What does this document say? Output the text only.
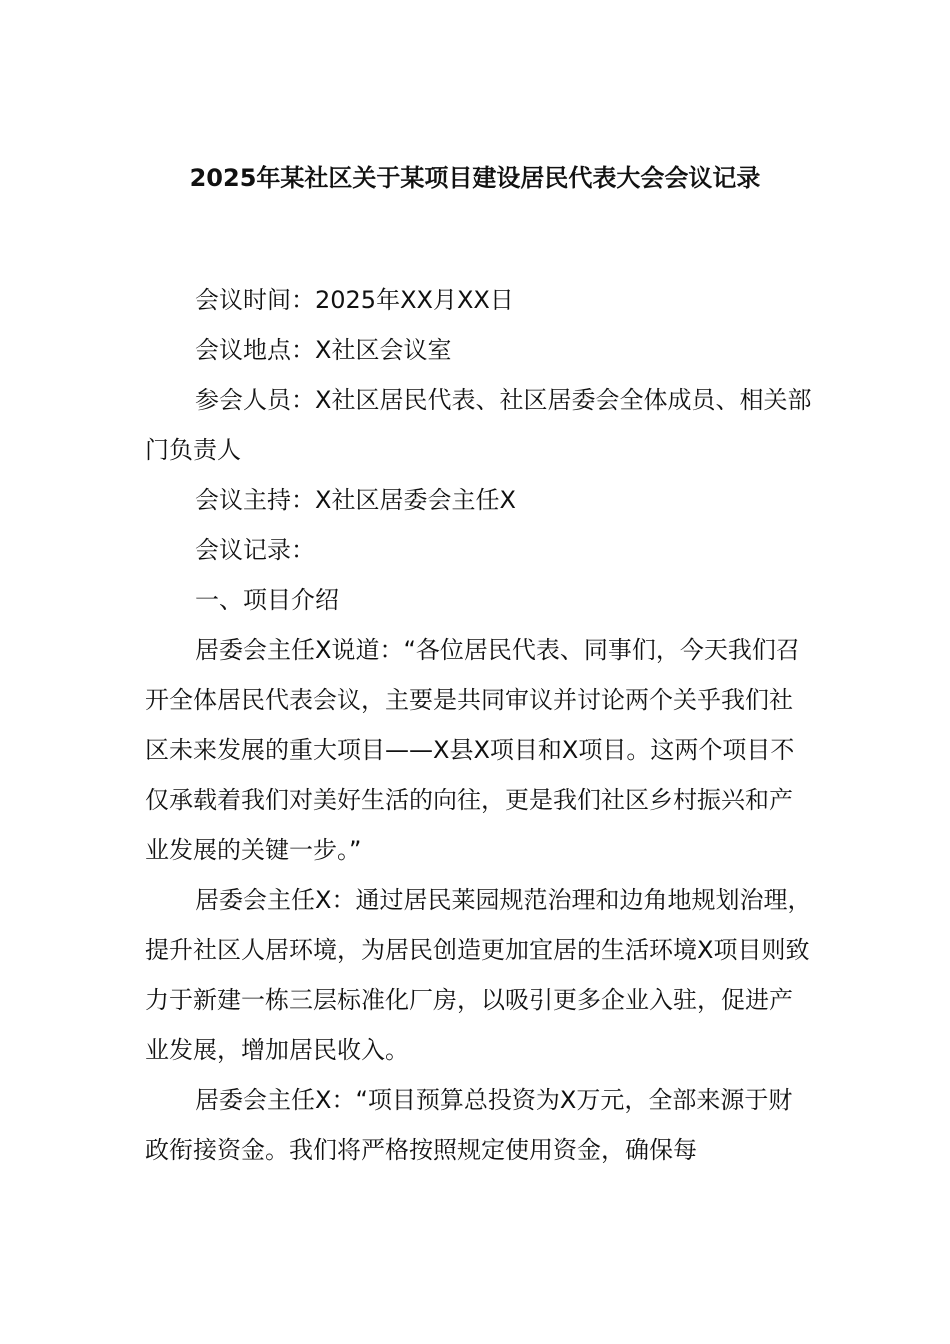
2025年某社区关于某项目建设居民代表大会会议记录

会议时间：2025年XX月XX日

会议地点：X社区会议室

参会人员：X社区居民代表、社区居委会全体成员、相关部门负责人

会议主持：X社区居委会主任X

会议记录：

一、项目介绍

居委会主任X说道：“各位居民代表、同事们，今天我们召开全体居民代表会议，主要是共同审议并讨论两个关乎我们社区未来发展的重大项目——X县X项目和X项目。这两个项目不仅承载着我们对美好生活的向往，更是我们社区乡村振兴和产业发展的关键一步。”

居委会主任X：通过居民莱园规范治理和边角地规划治理，提升社区人居环境，为居民创造更加宜居的生活环境X项目则致力于新建一栋三层标准化厂房，以吸引更多企业入驻，促进产业发展，增加居民收入。

居委会主任X：“项目预算总投资为X万元，全部来源于财政衔接资金。我们将严格按照规定使用资金，确保每
